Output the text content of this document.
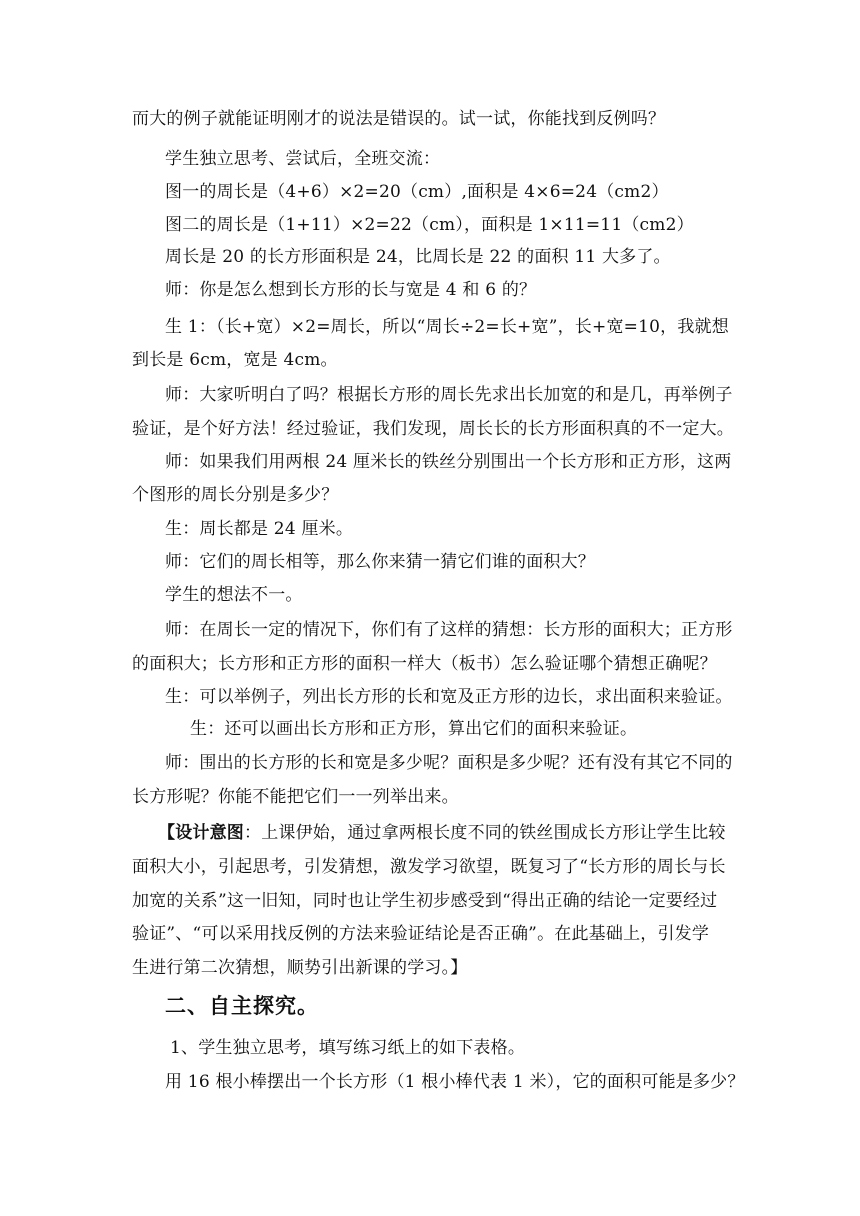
而大的例子就能证明刚才的说法是错误的。试一试，你能找到反例吗？

学生独立思考、尝试后，全班交流：

图一的周长是（4+6）×2=20（cm）,面积是 4×6=24（cm2）

图二的周长是（1+11）×2=22（cm），面积是 1×11=11（cm2）

周长是 20 的长方形面积是 24，比周长是 22 的面积 11 大多了。

师：你是怎么想到长方形的长与宽是 4 和 6 的？

生 1：（长+宽）×2=周长，所以“周长÷2=长+宽”，长+宽=10，我就想

到长是 6cm，宽是 4cm。

师：大家听明白了吗？根据长方形的周长先求出长加宽的和是几，再举例子

验证，是个好方法！经过验证，我们发现，周长长的长方形面积真的不一定大。

师：如果我们用两根 24 厘米长的铁丝分别围出一个长方形和正方形，这两

个图形的周长分别是多少？

生：周长都是 24 厘米。

师：它们的周长相等，那么你来猜一猜它们谁的面积大？

学生的想法不一。

师：在周长一定的情况下，你们有了这样的猜想：长方形的面积大；正方形

的面积大；长方形和正方形的面积一样大（板书）怎么验证哪个猜想正确呢？

生：可以举例子，列出长方形的长和宽及正方形的边长，求出面积来验证。

生：还可以画出长方形和正方形，算出它们的面积来验证。

师：围出的长方形的长和宽是多少呢？面积是多少呢？还有没有其它不同的

长方形呢？你能不能把它们一一列举出来。

【设计意图：上课伊始，通过拿两根长度不同的铁丝围成长方形让学生比较

面积大小，引起思考，引发猜想，激发学习欲望，既复习了“长方形的周长与长

加宽的关系”这一旧知，同时也让学生初步感受到“得出正确的结论一定要经过

验证”、“可以采用找反例的方法来验证结论是否正确”。在此基础上，引发学

生进行第二次猜想，顺势引出新课的学习。】

二、自主探究。

1、学生独立思考，填写练习纸上的如下表格。

用 16 根小棒摆出一个长方形（1 根小棒代表 1 米），它的面积可能是多少？
